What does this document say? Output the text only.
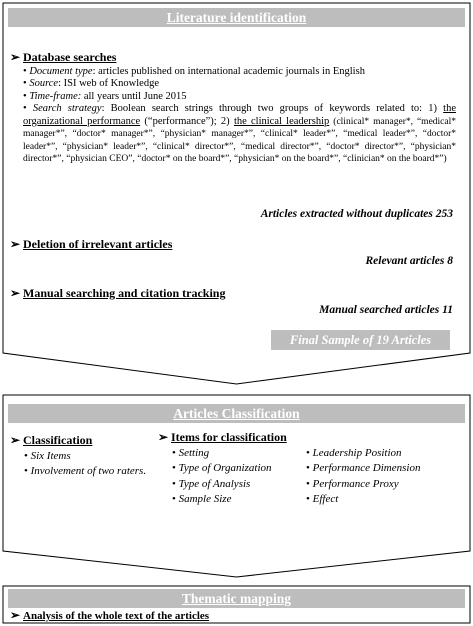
Literature identification
➢ Database searches
• Document type: articles published on international academic journals in English
• Source: ISI web of Knowledge
• Time-frame: all years until June 2015
• Search strategy: Boolean search strings through two groups of keywords related to: 1) the organizational performance (“performance”); 2) the clinical leadership (clinical* manager*, “medical* manager*”, “doctor* manager*”, “physician* manager*”, “clinical* leader*”, “medical leader*”, “doctor* leader*”, “physician* leader*”, “clinical* director*”, “medical director*”, “doctor* director*”, “physician* director*”, “physician CEO”, “doctor* on the board*”, “physician* on the board*”, “clinician* on the board*”)
Articles extracted without duplicates 253
➢ Deletion of irrelevant articles
Relevant articles 8
➢ Manual searching and citation tracking
Manual searched articles 11
Final Sample of 19 Articles
Articles Classification
➢ Classification
• Six Items
• Involvement of two raters.
➢ Items for classification
• Setting
• Type of Organization
• Type of Analysis
• Sample Size
• Leadership Position
• Performance Dimension
• Performance Proxy
• Effect
Thematic mapping
➢ Analysis of the whole text of the articles
